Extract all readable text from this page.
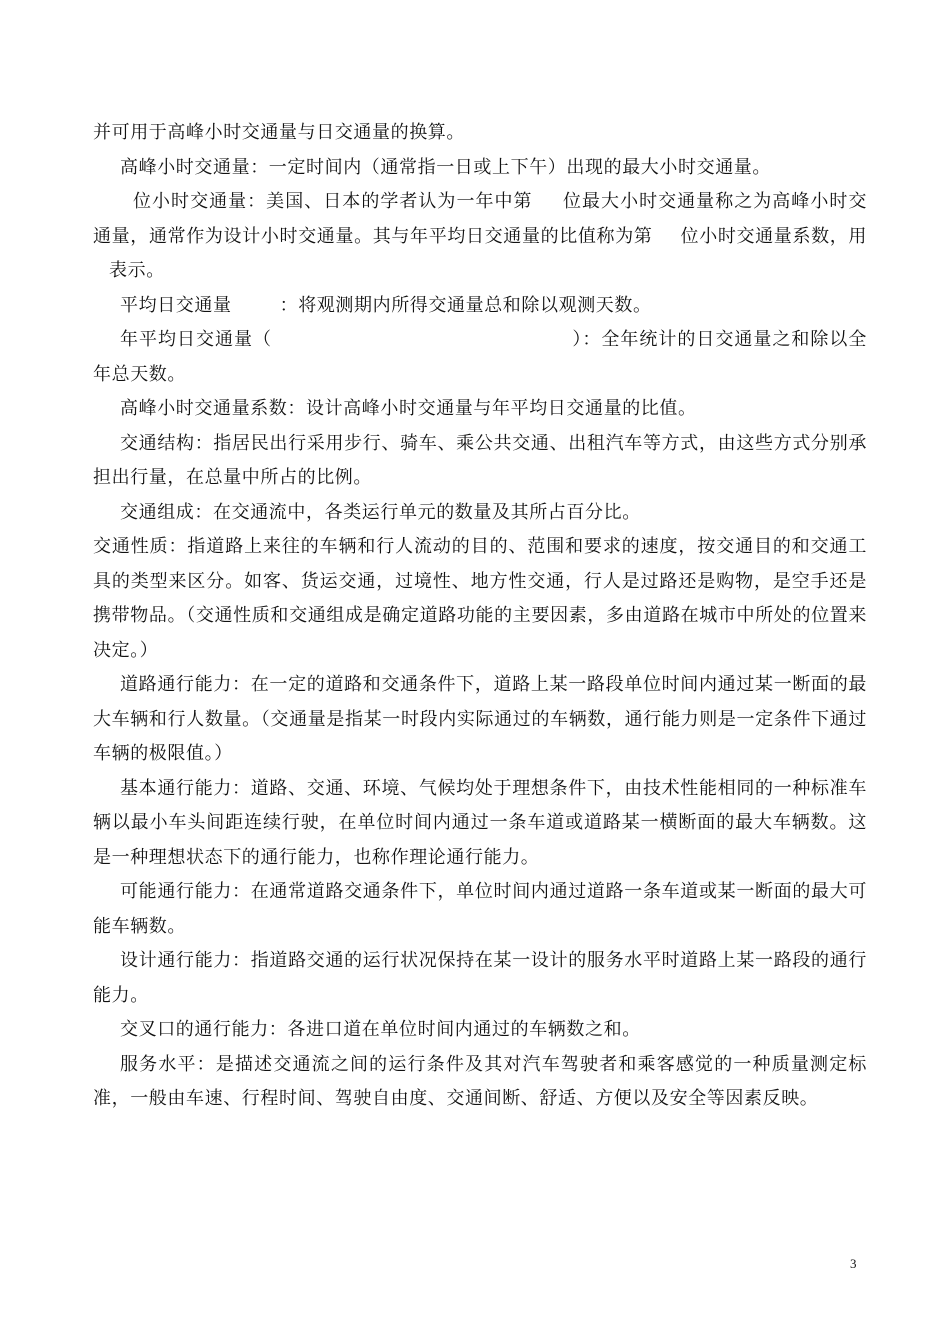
并可用于高峰小时交通量与日交通量的换算。

高峰小时交通量：一定时间内（通常指一日或上下午）出现的最大小时交通量。

位小时交通量：美国、日本的学者认为一年中第 位最大小时交通量称之为高峰小时交通量，通常作为设计小时交通量。其与年平均日交通量的比值称为第 位小时交通量系数，用表示。

平均日交通量	：将观测期内所得交通量总和除以观测天数。

年平均日交通量（	）：全年统计的日交通量之和除以全年总天数。

高峰小时交通量系数：设计高峰小时交通量与年平均日交通量的比值。

交通结构：指居民出行采用步行、骑车、乘公共交通、出租汽车等方式，由这些方式分别承担出行量，在总量中所占的比例。

交通组成：在交通流中，各类运行单元的数量及其所占百分比。

交通性质：指道路上来往的车辆和行人流动的目的、范围和要求的速度，按交通目的和交通工具的类型来区分。如客、货运交通，过境性、地方性交通，行人是过路还是购物，是空手还是携带物品。（交通性质和交通组成是确定道路功能的主要因素，多由道路在城市中所处的位置来决定。）

道路通行能力：在一定的道路和交通条件下，道路上某一路段单位时间内通过某一断面的最大车辆和行人数量。（交通量是指某一时段内实际通过的车辆数，通行能力则是一定条件下通过车辆的极限值。）

基本通行能力：道路、交通、环境、气候均处于理想条件下，由技术性能相同的一种标准车辆以最小车头间距连续行驶，在单位时间内通过一条车道或道路某一横断面的最大车辆数。这是一种理想状态下的通行能力，也称作理论通行能力。

可能通行能力：在通常道路交通条件下，单位时间内通过道路一条车道或某一断面的最大可能车辆数。

设计通行能力：指道路交通的运行状况保持在某一设计的服务水平时道路上某一路段的通行能力。

交叉口的通行能力：各进口道在单位时间内通过的车辆数之和。

服务水平：是描述交通流之间的运行条件及其对汽车驾驶者和乘客感觉的一种质量测定标准，一般由车速、行程时间、驾驶自由度、交通间断、舒适、方便以及安全等因素反映。

3
